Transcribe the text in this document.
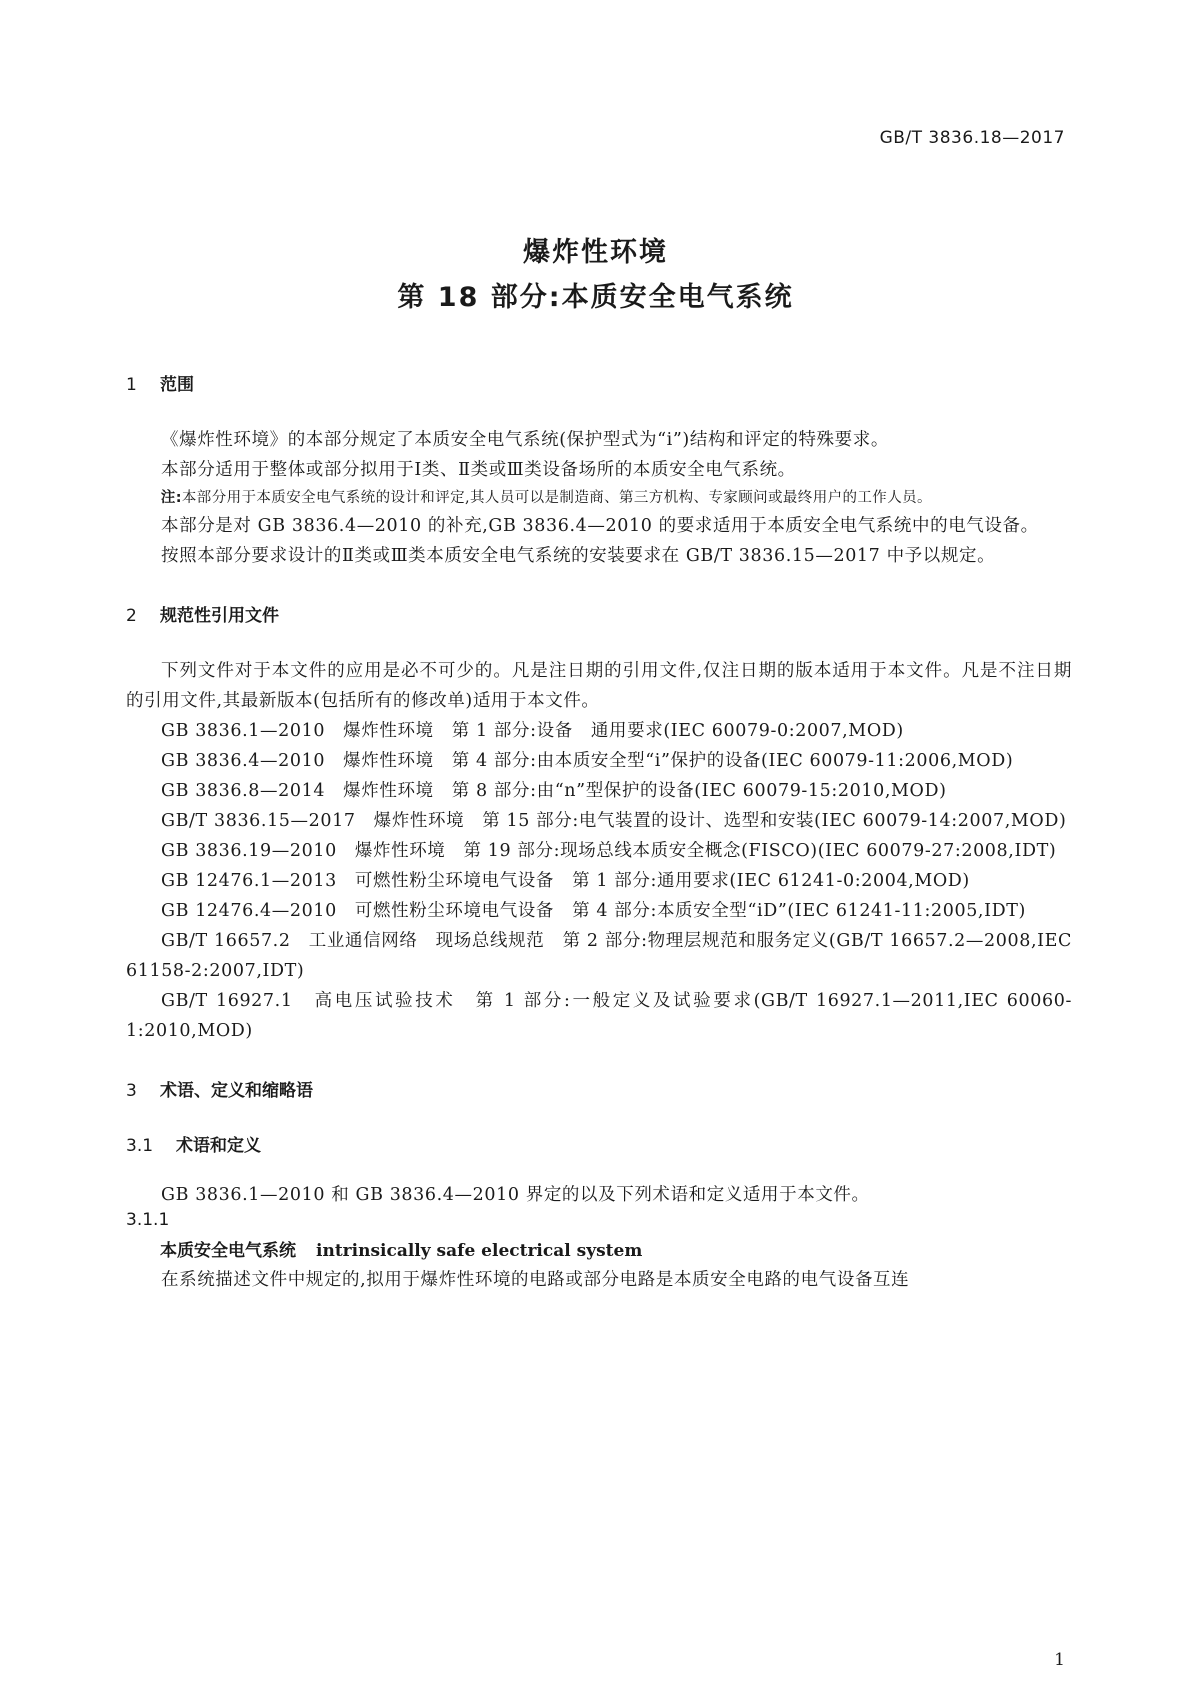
GB/T 3836.18—2017
爆炸性环境
第 18 部分:本质安全电气系统
1 范围

《爆炸性环境》的本部分规定了本质安全电气系统(保护型式为“i”)结构和评定的特殊要求。

本部分适用于整体或部分拟用于Ⅰ类、Ⅱ类或Ⅲ类设备场所的本质安全电气系统。

注:本部分用于本质安全电气系统的设计和评定,其人员可以是制造商、第三方机构、专家顾问或最终用户的工作人员。

本部分是对 GB 3836.4—2010 的补充,GB 3836.4—2010 的要求适用于本质安全电气系统中的电气设备。

按照本部分要求设计的Ⅱ类或Ⅲ类本质安全电气系统的安装要求在 GB/T 3836.15—2017 中予以规定。

2 规范性引用文件

下列文件对于本文件的应用是必不可少的。凡是注日期的引用文件,仅注日期的版本适用于本文件。凡是不注日期的引用文件,其最新版本(包括所有的修改单)适用于本文件。

GB 3836.1—2010　爆炸性环境　第 1 部分:设备　通用要求(IEC 60079-0:2007,MOD)

GB 3836.4—2010　爆炸性环境　第 4 部分:由本质安全型“i”保护的设备(IEC 60079-11:2006,MOD)

GB 3836.8—2014　爆炸性环境　第 8 部分:由“n”型保护的设备(IEC 60079-15:2010,MOD)

GB/T 3836.15—2017　爆炸性环境　第 15 部分:电气装置的设计、选型和安装(IEC 60079-14:2007,MOD)

GB 3836.19—2010　爆炸性环境　第 19 部分:现场总线本质安全概念(FISCO)(IEC 60079-27:2008,IDT)

GB 12476.1—2013　可燃性粉尘环境电气设备　第 1 部分:通用要求(IEC 61241-0:2004,MOD)

GB 12476.4—2010　可燃性粉尘环境电气设备　第 4 部分:本质安全型“iD”(IEC 61241-11:2005,IDT)

GB/T 16657.2　工业通信网络　现场总线规范　第 2 部分:物理层规范和服务定义(GB/T 16657.2—2008,IEC 61158-2:2007,IDT)

GB/T 16927.1　高电压试验技术　第 1 部分:一般定义及试验要求(GB/T 16927.1—2011,IEC 60060-1:2010,MOD)

3 术语、定义和缩略语
3.1 术语和定义

GB 3836.1—2010 和 GB 3836.4—2010 界定的以及下列术语和定义适用于本文件。

3.1.1
本质安全电气系统 intrinsically safe electrical system

在系统描述文件中规定的,拟用于爆炸性环境的电路或部分电路是本质安全电路的电气设备互连

1
